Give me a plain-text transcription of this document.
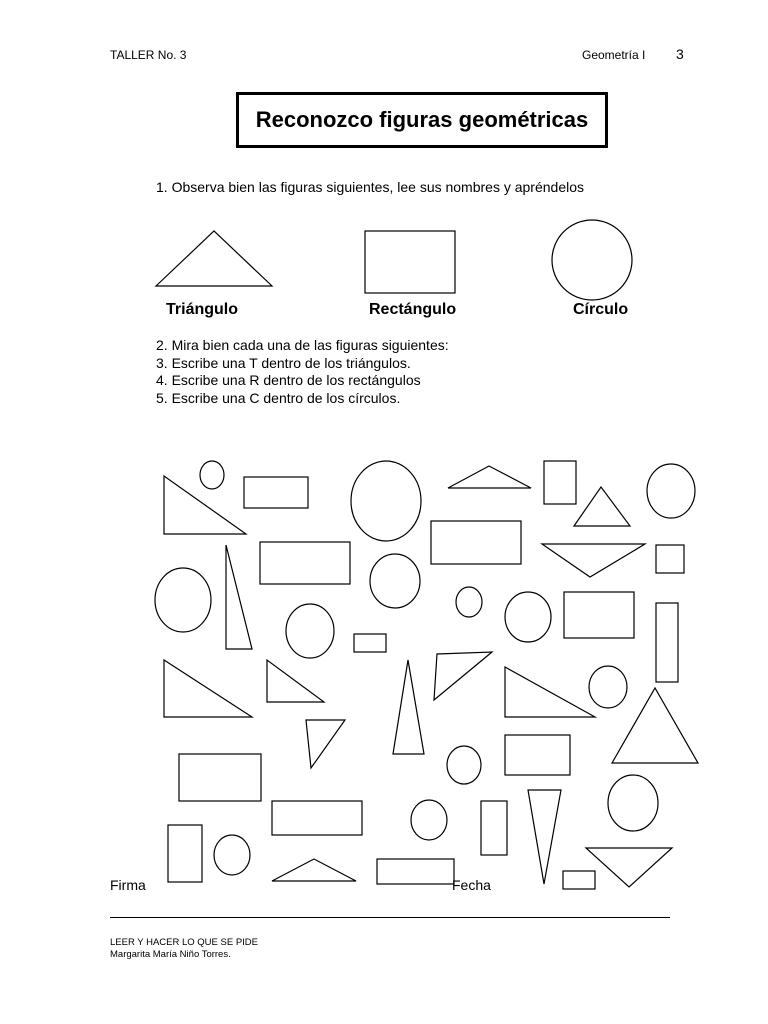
TALLER No. 3	Geometría I 3
Reconozco figuras geométricas
1. Observa bien las figuras siguientes, lee sus nombres y apréndelos
Triángulo	Rectángulo	Círculo
2. Mira bien cada una de las figuras siguientes:
3. Escribe una T dentro de los triángulos.
4. Escribe una R dentro de los rectángulos
5. Escribe una C dentro de los círculos.
Firma	Fecha
LEER Y HACER LO QUE SE PIDE
Margarita María Niño Torres.
